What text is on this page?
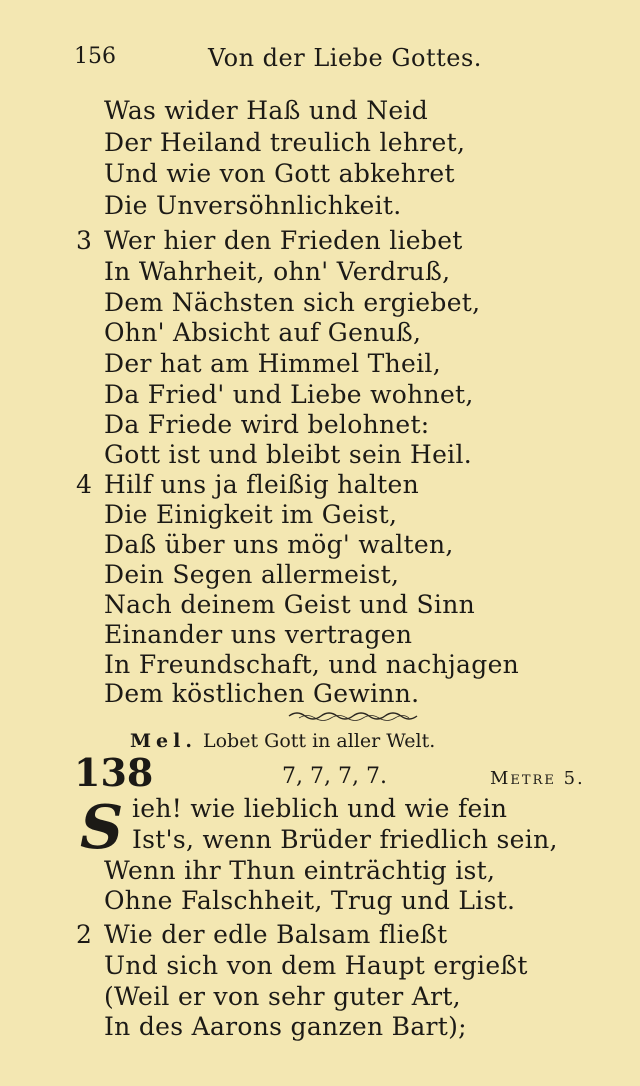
156	Von der Liebe Gottes.
Was wider Haß und Neid
Der Heiland treulich lehret,
Und wie von Gott abkehret
Die Unversöhnlichkeit.
3 Wer hier den Frieden liebet
In Wahrheit, ohn' Verdruß,
Dem Nächsten sich ergiebet,
Ohn' Absicht auf Genuß,
Der hat am Himmel Theil,
Da Fried' und Liebe wohnet,
Da Friede wird belohnet:
Gott ist und bleibt sein Heil.
4 Hilf uns ja fleißig halten
Die Einigkeit im Geist,
Daß über uns mög' walten,
Dein Segen allermeist,
Nach deinem Geist und Sinn
Einander uns vertragen
In Freundschaft, und nachjagen
Dem köstlichen Gewinn.
Mel. Lobet Gott in aller Welt.
138	7, 7, 7, 7.	Metre 5.
S ieh! wie lieblich und wie fein
Ist's, wenn Brüder friedlich sein,
Wenn ihr Thun einträchtig ist,
Ohne Falschheit, Trug und List.
2 Wie der edle Balsam fließt
Und sich von dem Haupt ergießt
(Weil er von sehr guter Art,
In des Aarons ganzen Bart);
